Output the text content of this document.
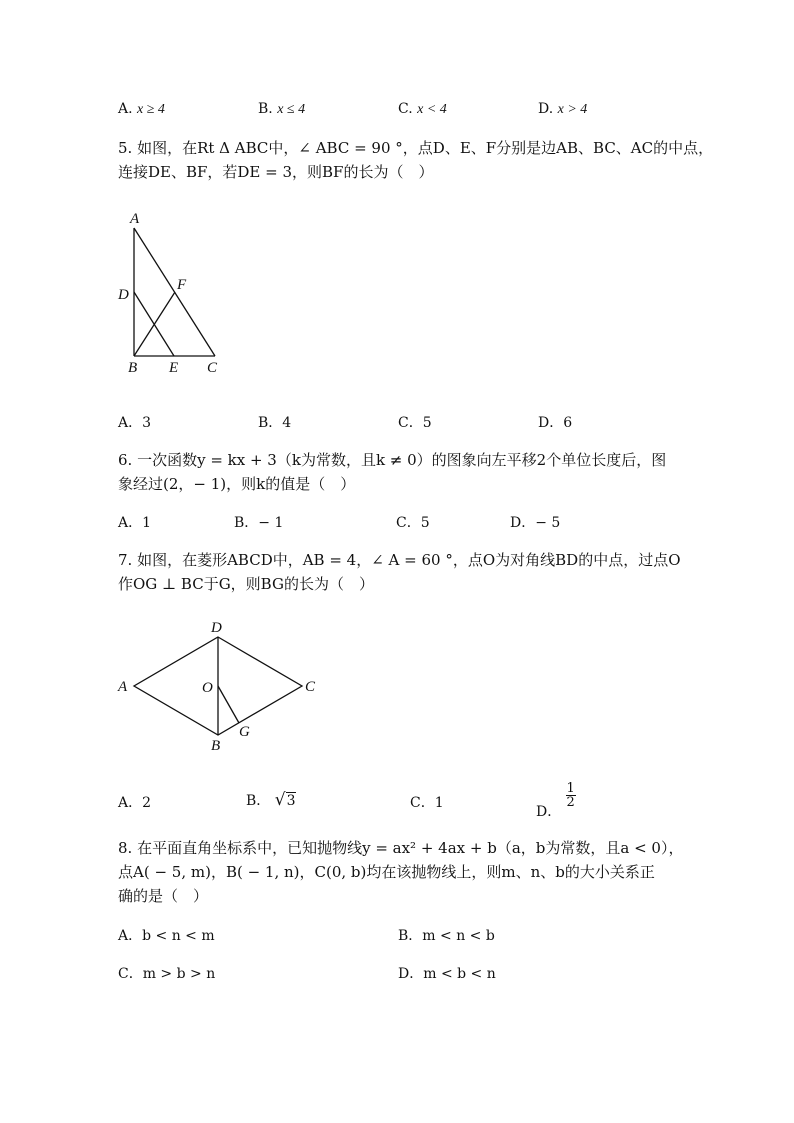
A. x ≥ 4	B. x ≤ 4	C. x < 4	D. x > 4
5. 如图，在Rt Δ ABC中，∠ ABC = 90 °，点D、E、F分别是边AB、BC、AC的中点，
连接DE、BF，若DE = 3，则BF的长为（　）
A
D
F
B E C
A．3	B．4	C．5	D．6
6. 一次函数y = kx + 3（k为常数，且k ≠ 0）的图象向左平移2个单位长度后，图
象经过(2，− 1)，则k的值是（　）
A．1	B．− 1	C．5	D．− 5
7. 如图，在菱形ABCD中，AB = 4，∠ A = 60 °，点O为对角线BD的中点，过点O
作OG ⊥ BC于G，则BG的长为（　）
D
A	O	C
B
G
A．2	B． √3	C．1
D．
$\frac{1}{2}$
8. 在平面直角坐标系中，已知抛物线y = ax² + 4ax + b（a，b为常数，且a < 0），
点A( − 5, m)，B( − 1, n)，C(0, b)均在该抛物线上，则m、n、b的大小关系正
确的是（　）
A．b < n < m	B．m < n < b
C．m > b > n	D．m < b < n
